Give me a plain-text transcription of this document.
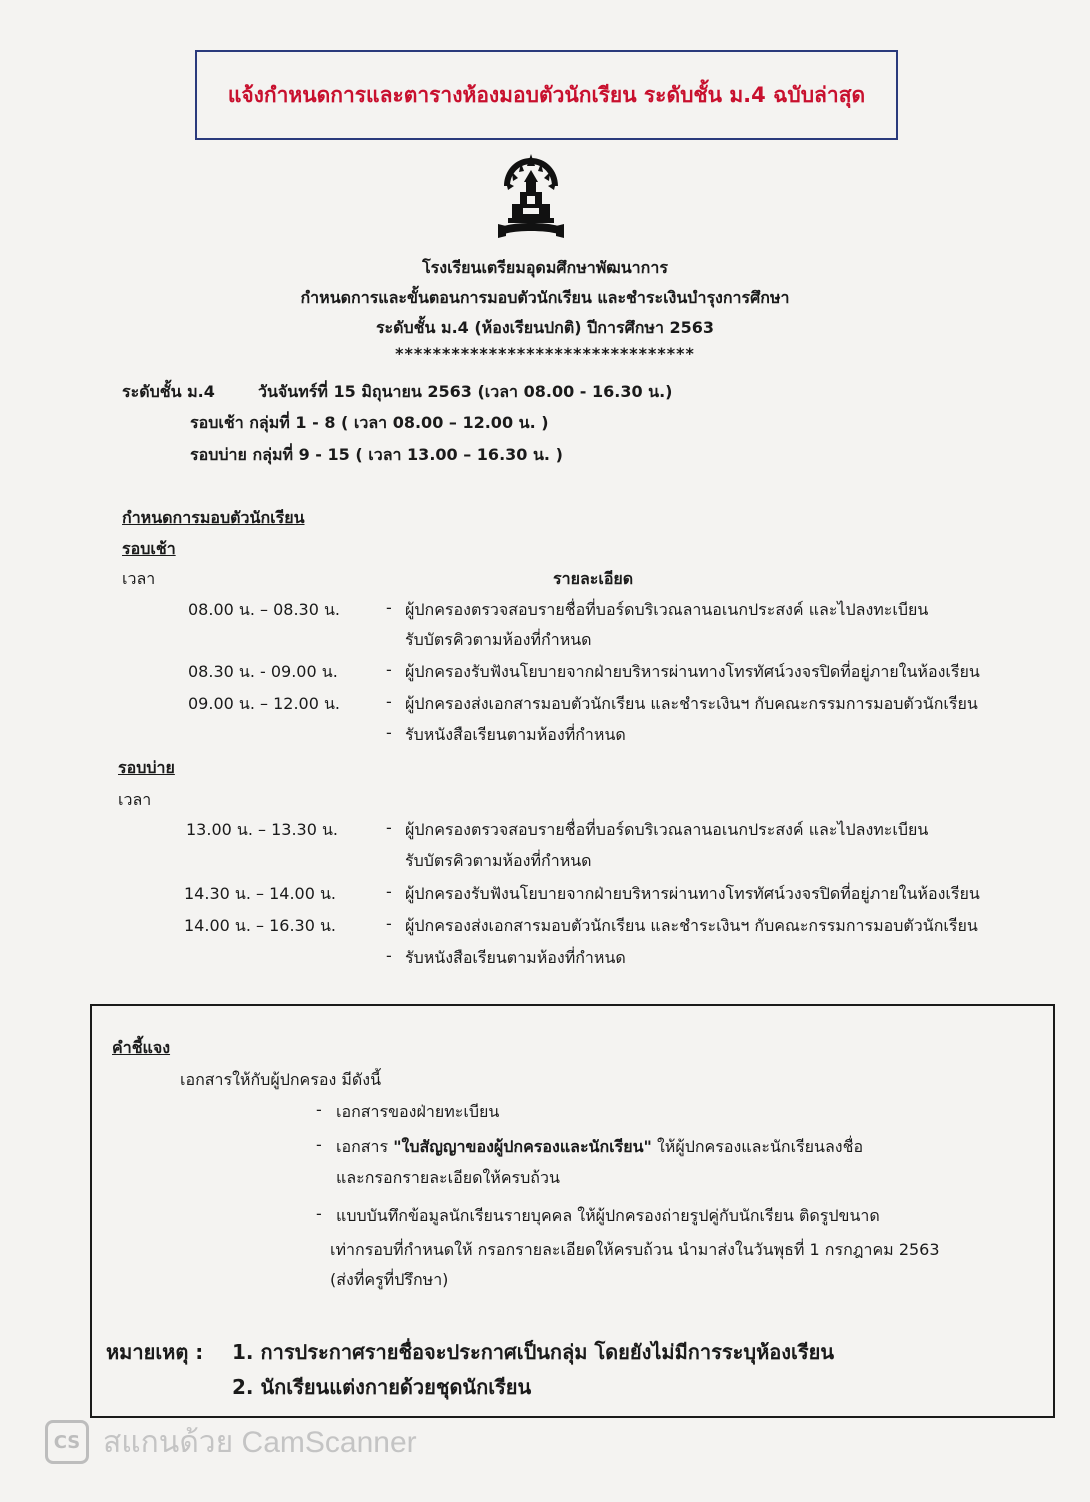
แจ้งกำหนดการและตารางห้องมอบตัวนักเรียน ระดับชั้น ม.4 ฉบับล่าสุด
โรงเรียนเตรียมอุดมศึกษาพัฒนาการ
กำหนดการและขั้นตอนการมอบตัวนักเรียน และชำระเงินบำรุงการศึกษา
ระดับชั้น ม.4 (ห้องเรียนปกติ) ปีการศึกษา 2563
********************************
ระดับชั้น ม.4	วันจันทร์ที่ 15 มิถุนายน 2563 (เวลา 08.00 - 16.30 น.)
รอบเช้า กลุ่มที่ 1 - 8 ( เวลา 08.00 – 12.00 น. )
รอบบ่าย กลุ่มที่ 9 - 15 ( เวลา 13.00 – 16.30 น. )
กำหนดการมอบตัวนักเรียน
รอบเช้า
เวลา	รายละเอียด
08.00 น. – 08.30 น.	- ผู้ปกครองตรวจสอบรายชื่อที่บอร์ดบริเวณลานอเนกประสงค์ และไปลงทะเบียน
รับบัตรคิวตามห้องที่กำหนด
08.30 น. - 09.00 น.	- ผู้ปกครองรับฟังนโยบายจากฝ่ายบริหารผ่านทางโทรทัศน์วงจรปิดที่อยู่ภายในห้องเรียน
09.00 น. – 12.00 น.	- ผู้ปกครองส่งเอกสารมอบตัวนักเรียน และชำระเงินฯ กับคณะกรรมการมอบตัวนักเรียน
- รับหนังสือเรียนตามห้องที่กำหนด
รอบบ่าย
เวลา
13.00 น. – 13.30 น.	- ผู้ปกครองตรวจสอบรายชื่อที่บอร์ดบริเวณลานอเนกประสงค์ และไปลงทะเบียน
รับบัตรคิวตามห้องที่กำหนด
14.30 น. – 14.00 น.	- ผู้ปกครองรับฟังนโยบายจากฝ่ายบริหารผ่านทางโทรทัศน์วงจรปิดที่อยู่ภายในห้องเรียน
14.00 น. – 16.30 น.	- ผู้ปกครองส่งเอกสารมอบตัวนักเรียน และชำระเงินฯ กับคณะกรรมการมอบตัวนักเรียน
- รับหนังสือเรียนตามห้องที่กำหนด
คำชี้แจง
เอกสารให้กับผู้ปกครอง มีดังนี้
- เอกสารของฝ่ายทะเบียน
- เอกสาร "ใบสัญญาของผู้ปกครองและนักเรียน" ให้ผู้ปกครองและนักเรียนลงชื่อ
และกรอกรายละเอียดให้ครบถ้วน
- แบบบันทึกข้อมูลนักเรียนรายบุคคล ให้ผู้ปกครองถ่ายรูปคู่กับนักเรียน ติดรูปขนาด
เท่ากรอบที่กำหนดให้ กรอกรายละเอียดให้ครบถ้วน นำมาส่งในวันพุธที่ 1 กรกฎาคม 2563
(ส่งที่ครูที่ปรึกษา)
หมายเหตุ : 1. การประกาศรายชื่อจะประกาศเป็นกลุ่ม โดยยังไม่มีการระบุห้องเรียน
2. นักเรียนแต่งกายด้วยชุดนักเรียน
CS สแกนด้วย CamScanner
